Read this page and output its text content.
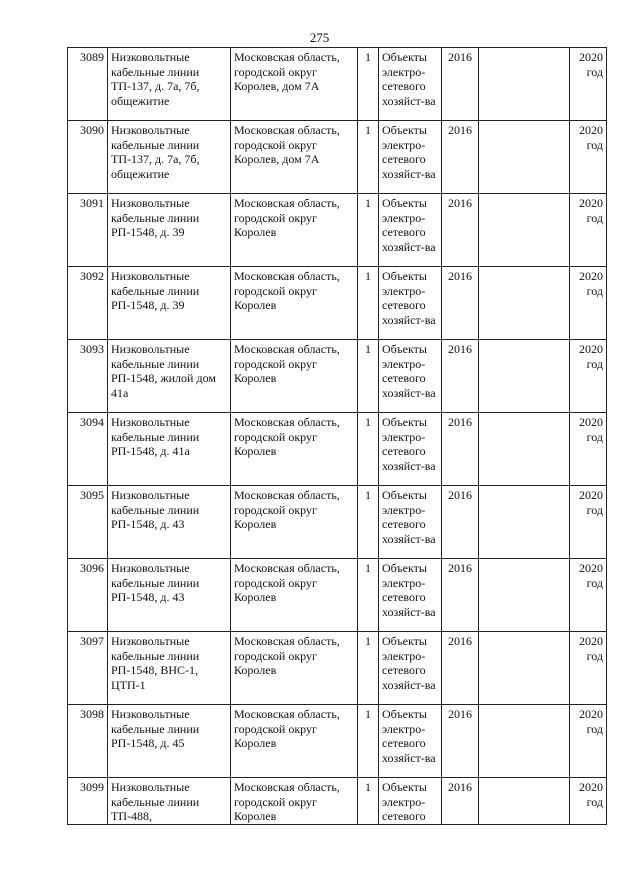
275
3089	Низковольтные кабельные линии ТП-137, д. 7а, 7б, общежитие	Московская область, городской округ Королев, дом 7А	1	Объекты электро-сетевого хозяйст-ва	2016		2020 год
3090	Низковольтные кабельные линии ТП-137, д. 7а, 7б, общежитие	Московская область, городской округ Королев, дом 7А	1	Объекты электро-сетевого хозяйст-ва	2016		2020 год
3091	Низковольтные кабельные линии РП-1548, д. 39	Московская область, городской округ Королев	1	Объекты электро-сетевого хозяйст-ва	2016		2020 год
3092	Низковольтные кабельные линии РП-1548, д. 39	Московская область, городской округ Королев	1	Объекты электро-сетевого хозяйст-ва	2016		2020 год
3093	Низковольтные кабельные линии РП-1548, жилой дом 41а	Московская область, городской округ Королев	1	Объекты электро-сетевого хозяйст-ва	2016		2020 год
3094	Низковольтные кабельные линии РП-1548, д. 41а	Московская область, городской округ Королев	1	Объекты электро-сетевого хозяйст-ва	2016		2020 год
3095	Низковольтные кабельные линии РП-1548, д. 43	Московская область, городской округ Королев	1	Объекты электро-сетевого хозяйст-ва	2016		2020 год
3096	Низковольтные кабельные линии РП-1548, д. 43	Московская область, городской округ Королев	1	Объекты электро-сетевого хозяйст-ва	2016		2020 год
3097	Низковольтные кабельные линии РП-1548, ВНС-1, ЦТП-1	Московская область, городской округ Королев	1	Объекты электро-сетевого хозяйст-ва	2016		2020 год
3098	Низковольтные кабельные линии РП-1548, д. 45	Московская область, городской округ Королев	1	Объекты электро-сетевого хозяйст-ва	2016		2020 год
3099	Низковольтные кабельные линии ТП-488,	Московская область, городской округ Королев	1	Объекты электро-сетевого	2016		2020 год
